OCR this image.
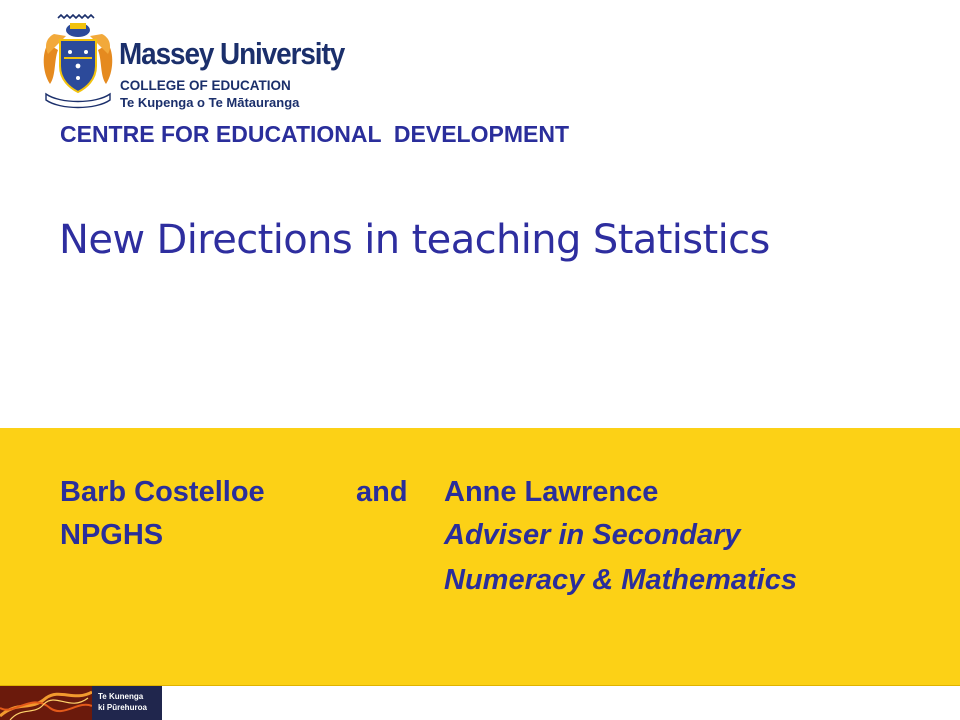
Massey University
COLLEGE OF EDUCATION
Te Kupenga o Te Mātauranga
CENTRE FOR EDUCATIONAL  DEVELOPMENT
New Directions in teaching Statistics
Barb Costelloe	and Anne Lawrence
NPGHS	Adviser in Secondary
Numeracy & Mathematics
Te Kunenga
ki Pūrehuroa
